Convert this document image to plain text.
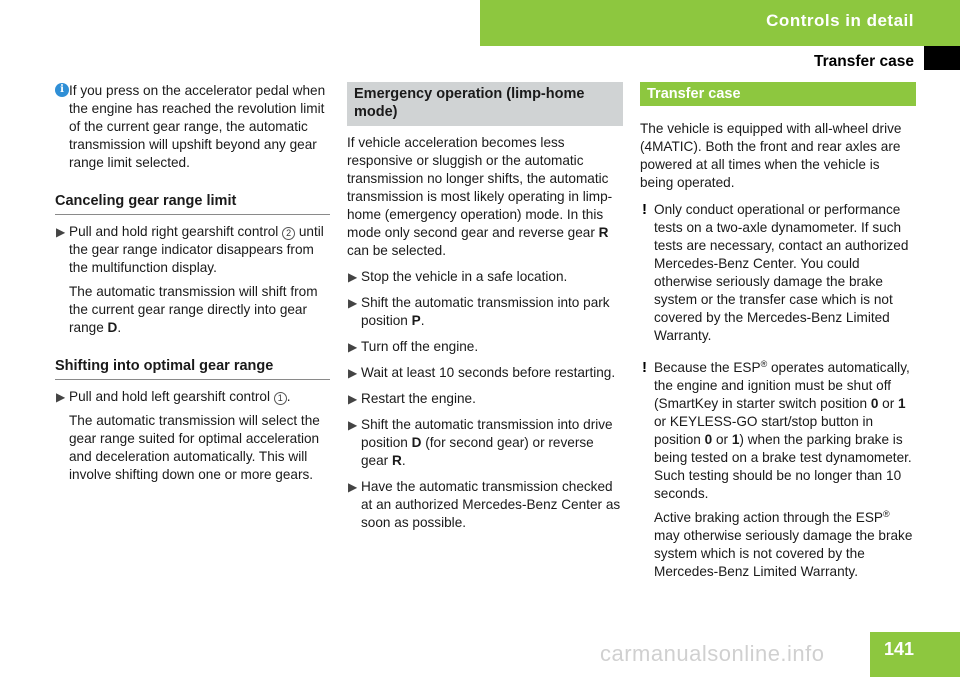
Controls in detail
Transfer case
i If you press on the accelerator pedal when the engine has reached the revolution limit of the current gear range, the automatic transmission will upshift beyond any gear range limit selected.
Canceling gear range limit
▶ Pull and hold right gearshift control 2 until the gear range indicator disappears from the multifunction display.
The automatic transmission will shift from the current gear range directly into gear range D.
Shifting into optimal gear range
▶ Pull and hold left gearshift control 1 .
The automatic transmission will select the gear range suited for optimal acceleration and deceleration automatically. This will involve shifting down one or more gears.
Emergency operation (limp-home mode)
If vehicle acceleration becomes less responsive or sluggish or the automatic transmission no longer shifts, the automatic transmission is most likely operating in limp-home (emergency operation) mode. In this mode only second gear and reverse gear R can be selected.
▶ Stop the vehicle in a safe location.
▶ Shift the automatic transmission into park position P.
▶ Turn off the engine.
▶ Wait at least 10 seconds before restarting.
▶ Restart the engine.
▶ Shift the automatic transmission into drive position D (for second gear) or reverse gear R.
▶ Have the automatic transmission checked at an authorized Mercedes-Benz Center as soon as possible.
Transfer case
The vehicle is equipped with all-wheel drive (4MATIC). Both the front and rear axles are powered at all times when the vehicle is being operated.
! Only conduct operational or performance tests on a two-axle dynamometer. If such tests are necessary, contact an authorized Mercedes-Benz Center. You could otherwise seriously damage the brake system or the transfer case which is not covered by the Mercedes-Benz Limited Warranty.
! Because the ESP® operates automatically, the engine and ignition must be shut off (SmartKey in starter switch position 0 or 1 or KEYLESS-GO start/stop button in position 0 or 1) when the parking brake is being tested on a brake test dynamometer. Such testing should be no longer than 10 seconds.
Active braking action through the ESP® may otherwise seriously damage the brake system which is not covered by the Mercedes-Benz Limited Warranty.
141
carmanualsonline.info
